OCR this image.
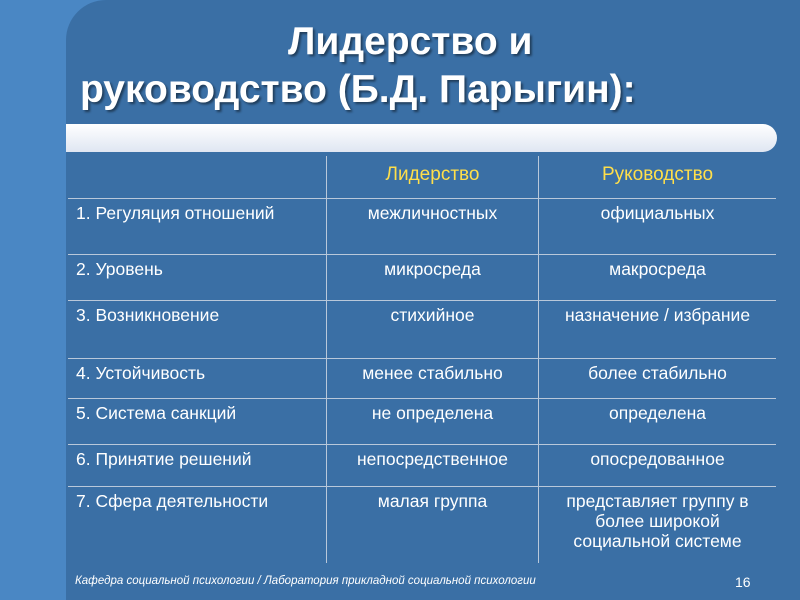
Лидерство и
руководство (Б.Д. Парыгин):
	Лидерство	Руководство
1. Регуляция отношений	межличностных	официальных
2. Уровень	микросреда	макросреда
3. Возникновение	стихийное	назначение / избрание
4. Устойчивость	менее стабильно	более стабильно
5. Система санкций	не определена	определена
6. Принятие решений	непосредственное	опосредованное
7. Сфера деятельности	малая группа	представляет группу в более широкой социальной системе
Кафедра социальной психологии / Лаборатория прикладной социальной психологии	16
